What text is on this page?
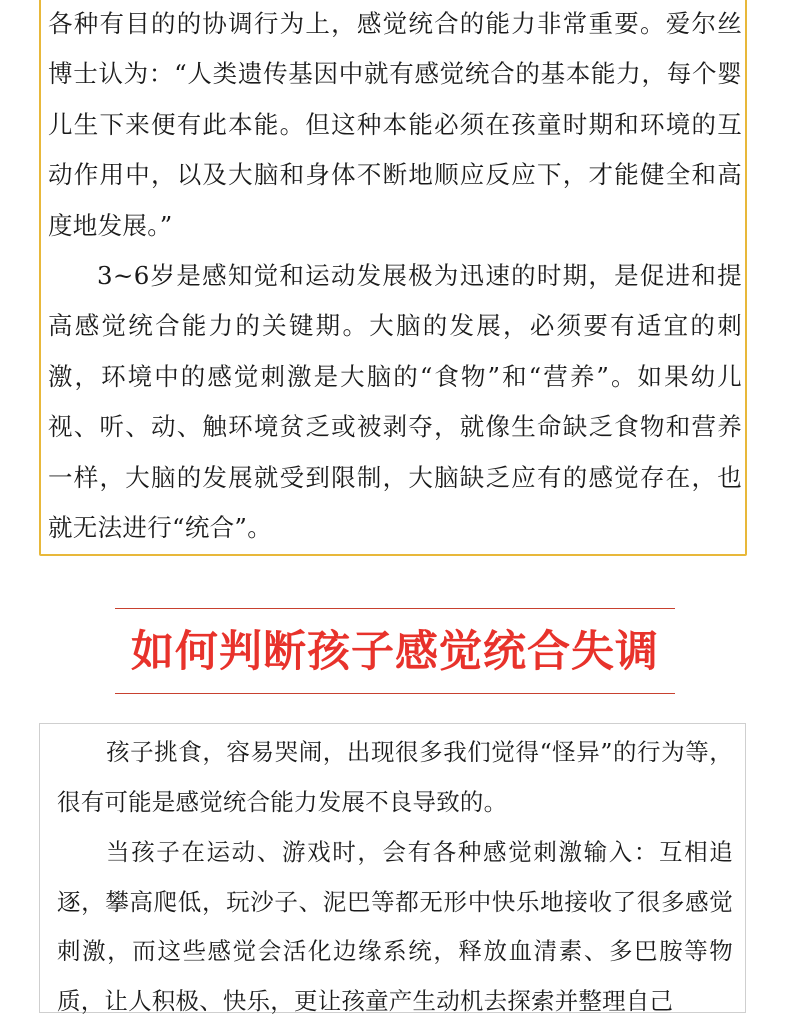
各种有目的的协调行为上，感觉统合的能力非常重要。爱尔丝博士认为：“人类遗传基因中就有感觉统合的基本能力，每个婴儿生下来便有此本能。但这种本能必须在孩童时期和环境的互动作用中，以及大脑和身体不断地顺应反应下，才能健全和高度地发展。”

3~6岁是感知觉和运动发展极为迅速的时期，是促进和提高感觉统合能力的关键期。大脑的发展，必须要有适宜的刺激，环境中的感觉刺激是大脑的“食物”和“营养”。如果幼儿视、听、动、触环境贫乏或被剥夺，就像生命缺乏食物和营养一样，大脑的发展就受到限制，大脑缺乏应有的感觉存在，也就无法进行“统合”。

如何判断孩子感觉统合失调

孩子挑食，容易哭闹，出现很多我们觉得“怪异”的行为等，很有可能是感觉统合能力发展不良导致的。

当孩子在运动、游戏时，会有各种感觉刺激输入：互相追逐，攀高爬低，玩沙子、泥巴等都无形中快乐地接收了很多感觉刺激，而这些感觉会活化边缘系统，释放血清素、多巴胺等物质，让人积极、快乐，更让孩童产生动机去探索并整理自己
